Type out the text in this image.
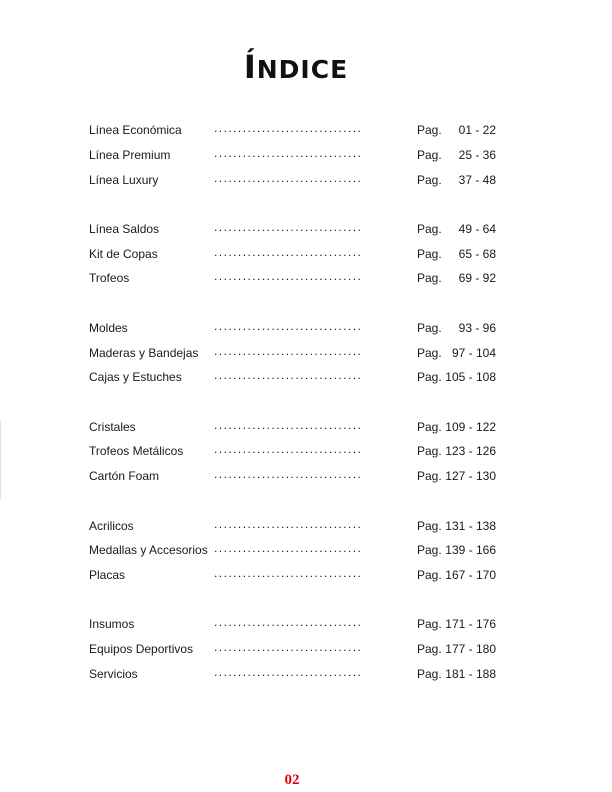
ÍNDICE
Línea Económica	...............................	Pag. 01 - 22
Línea Premium	...............................	Pag. 25 - 36
Línea Luxury	...............................	Pag. 37 - 48
Línea Saldos	...............................	Pag. 49 - 64
Kit de Copas	...............................	Pag. 65 - 68
Trofeos	...............................	Pag. 69 - 92
Moldes	...............................	Pag. 93 - 96
Maderas y Bandejas ...............................	Pag. 97 - 104
Cajas y Estuches	...............................	Pag. 105 - 108
Cristales	...............................	Pag. 109 - 122
Trofeos Metálicos	...............................	Pag. 123 - 126
Cartón Foam	...............................	Pag. 127 - 130
Acrilicos	...............................	Pag. 131 - 138
Medallas y Accesorios ...............................	Pag. 139 - 166
Placas	...............................	Pag. 167 - 170
Insumos	...............................	Pag. 171 - 176
Equipos Deportivos ...............................	Pag. 177 - 180
Servicios	...............................	Pag. 181 - 188
02
